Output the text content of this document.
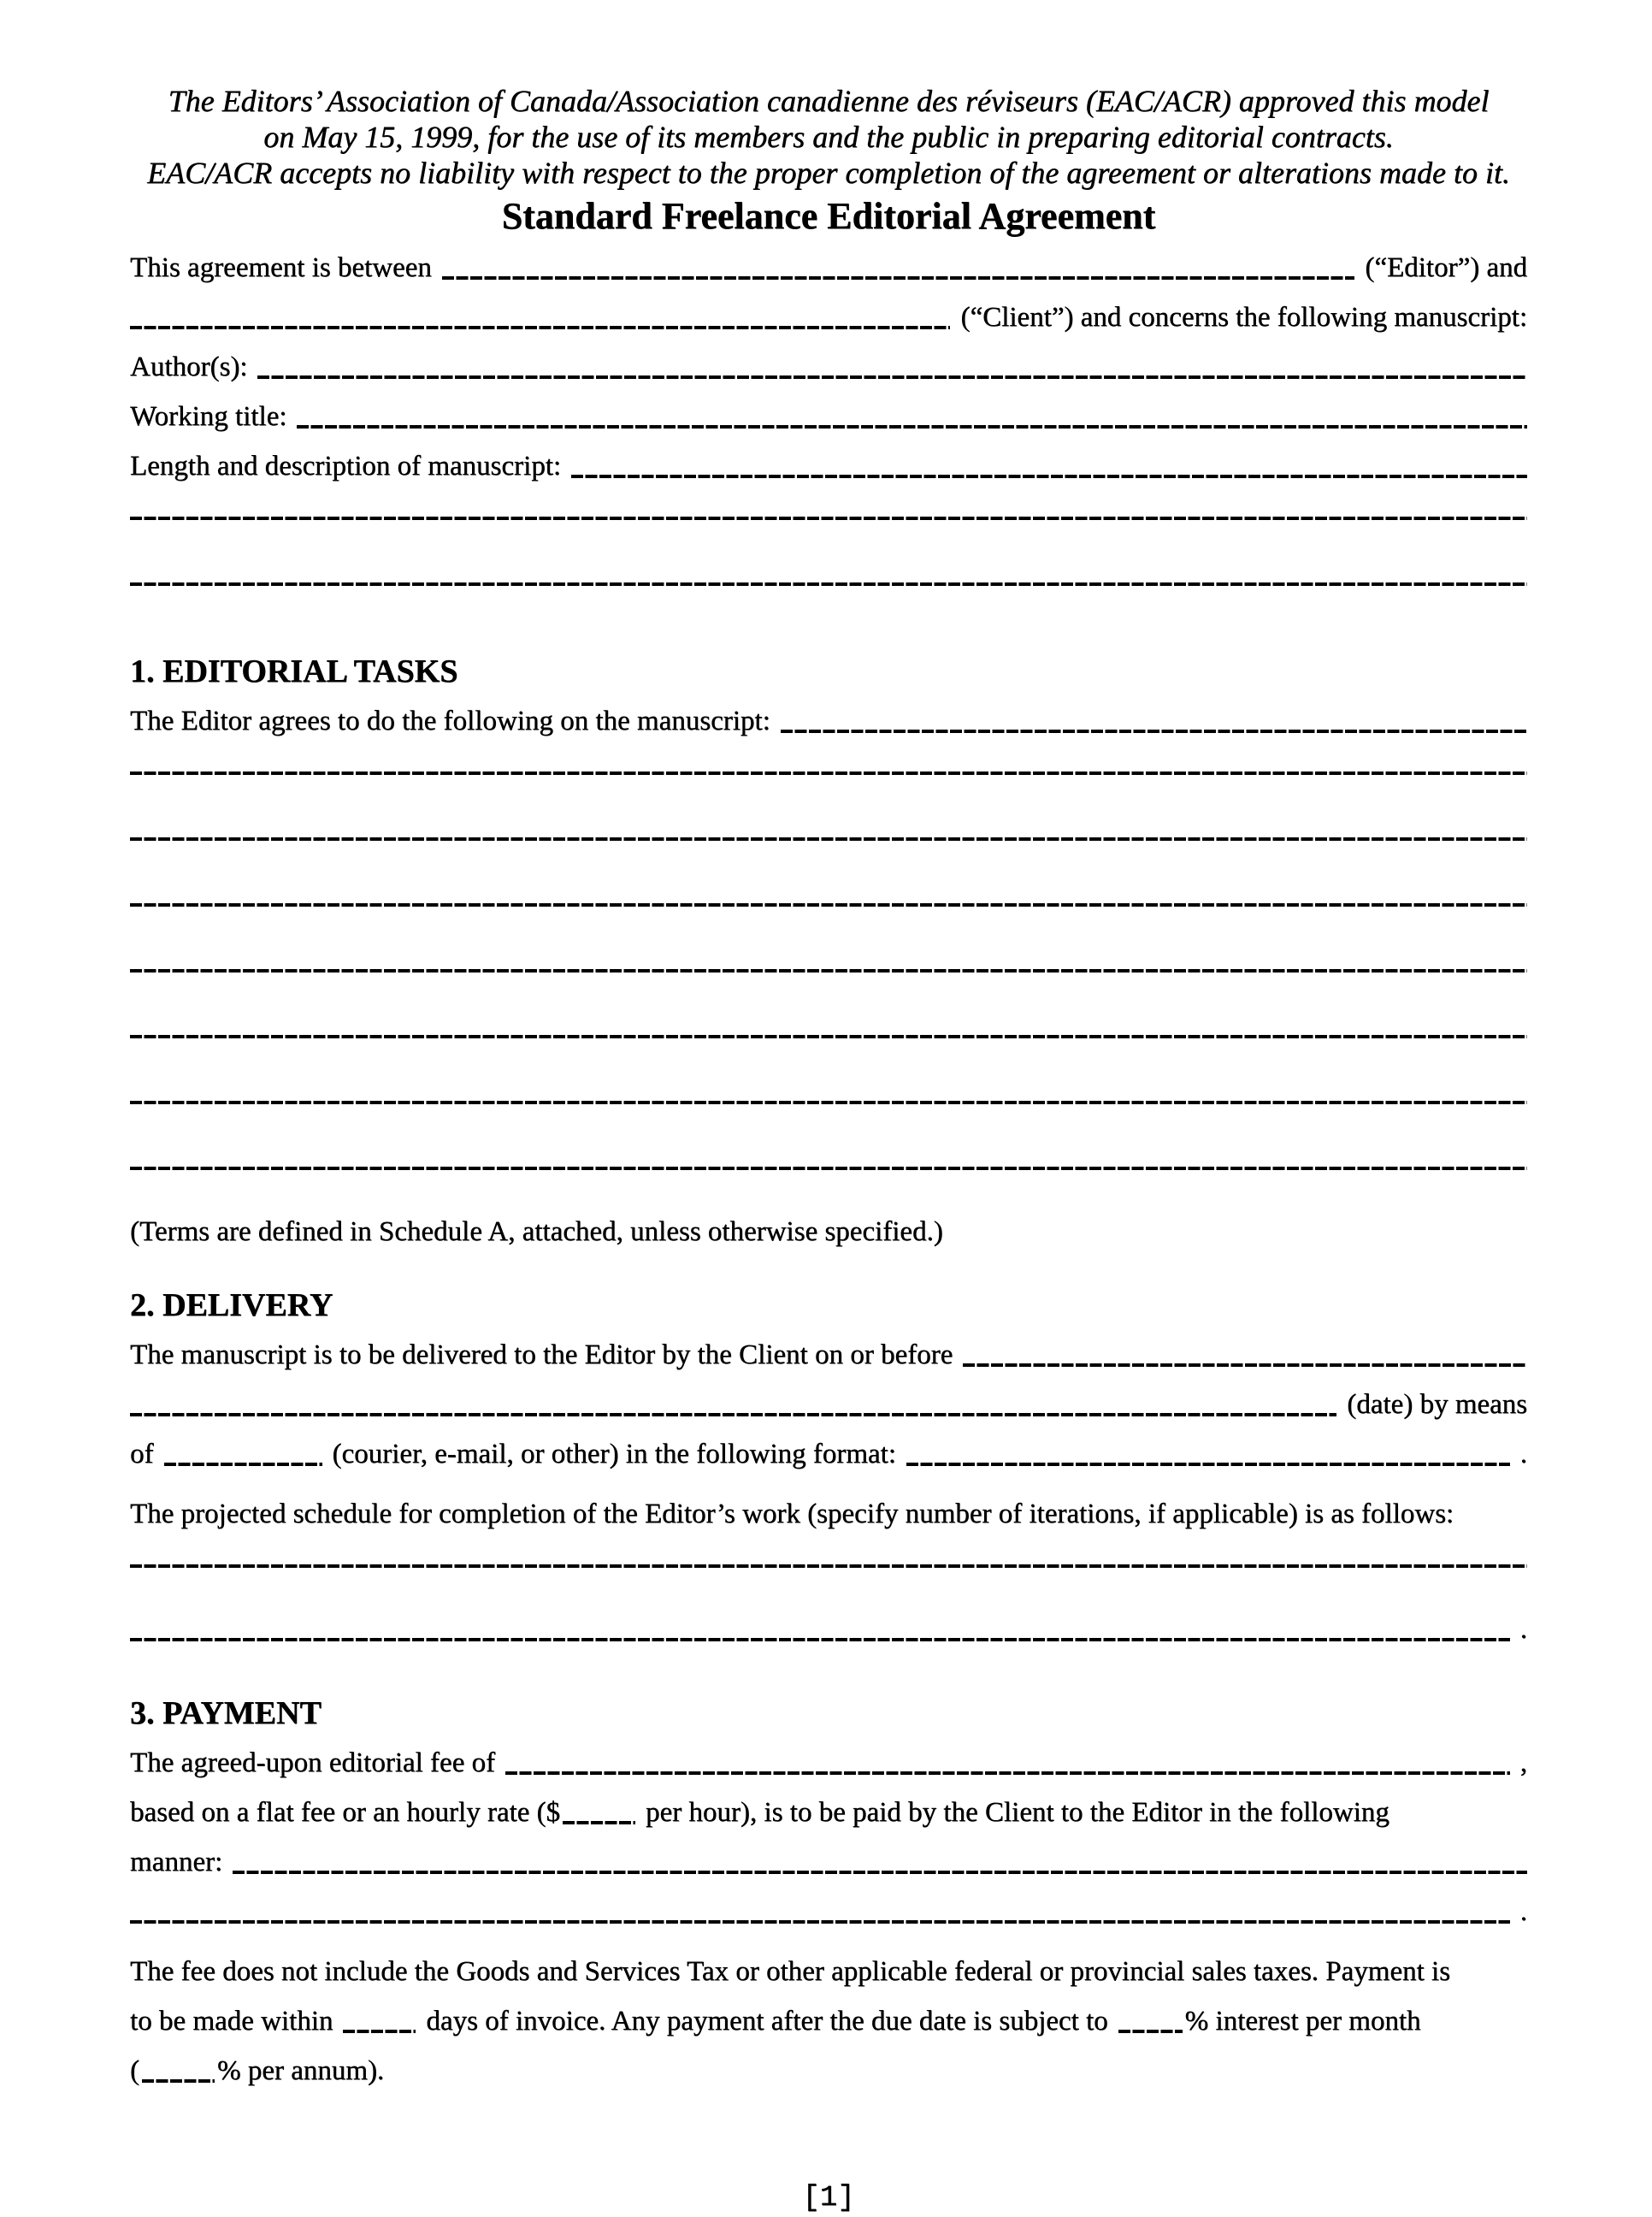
The Editors’ Association of Canada/Association canadienne des réviseurs (EAC/ACR) approved this model
on May 15, 1999, for the use of its members and the public in preparing editorial contracts.
EAC/ACR accepts no liability with respect to the proper completion of the agreement or alterations made to it.
Standard Freelance Editorial Agreement
This agreement is between	(“Editor”) and
(“Client”) and concerns the following manuscript:
Author(s):
Working title:
Length and description of manuscript:
1. EDITORIAL TASKS
The Editor agrees to do the following on the manuscript:
(Terms are defined in Schedule A, attached, unless otherwise specified.)
2. DELIVERY
The manuscript is to be delivered to the Editor by the Client on or before
(date) by means
of	(courier, e-mail, or other) in the following format:	.
The projected schedule for completion of the Editor’s work (specify number of iterations, if applicable) is as follows:
.
3. PAYMENT
The agreed-upon editorial fee of	,
based on a flat fee or an hourly rate ($	per hour), is to be paid by the Client to the Editor in the following
manner:
.
The fee does not include the Goods and Services Tax or other applicable federal or provincial sales taxes. Payment is
to be made within	days of invoice. Any payment after the due date is subject to	% interest per month
(	% per annum).
[1]
